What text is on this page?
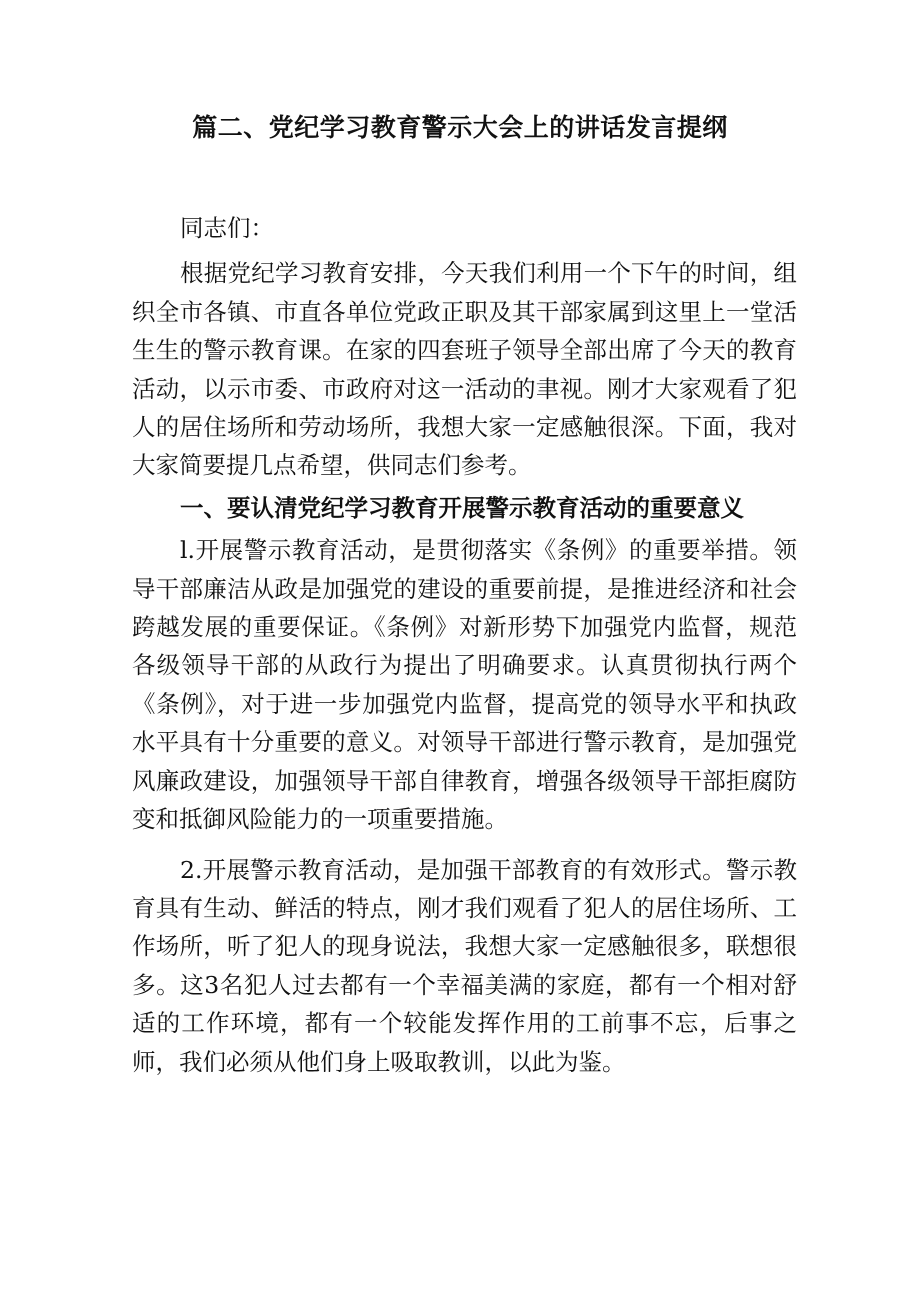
篇二、党纪学习教育警示大会上的讲话发言提纲

同志们：

根据党纪学习教育安排，今天我们利用一个下午的时间，组织全市各镇、市直各单位党政正职及其干部家属到这里上一堂活生生的警示教育课。在家的四套班子领导全部出席了今天的教育活动，以示市委、市政府对这一活动的聿视。刚才大家观看了犯人的居住场所和劳动场所，我想大家一定感触很深。下面，我对大家简要提几点希望，供同志们参考。

一、要认清党纪学习教育开展警示教育活动的重要意义

l.开展警示教育活动，是贯彻落实《条例》的重要举措。领导干部廉洁从政是加强党的建设的重要前提，是推进经济和社会跨越发展的重要保证。《条例》对新形势下加强党内监督，规范各级领导干部的从政行为提出了明确要求。认真贯彻执行两个《条例》，对于进一步加强党内监督，提高党的领导水平和执政水平具有十分重要的意义。对领导干部进行警示教育，是加强党风廉政建设，加强领导干部自律教育，增强各级领导干部拒腐防变和抵御风险能力的一项重要措施。

2.开展警示教育活动，是加强干部教育的有效形式。警示教育具有生动、鲜活的特点，刚才我们观看了犯人的居住场所、工作场所，听了犯人的现身说法，我想大家一定感触很多，联想很多。这3名犯人过去都有一个幸福美满的家庭，都有一个相对舒适的工作环境，都有一个较能发挥作用的工前事不忘，后事之师，我们必须从他们身上吸取教训，以此为鉴。
